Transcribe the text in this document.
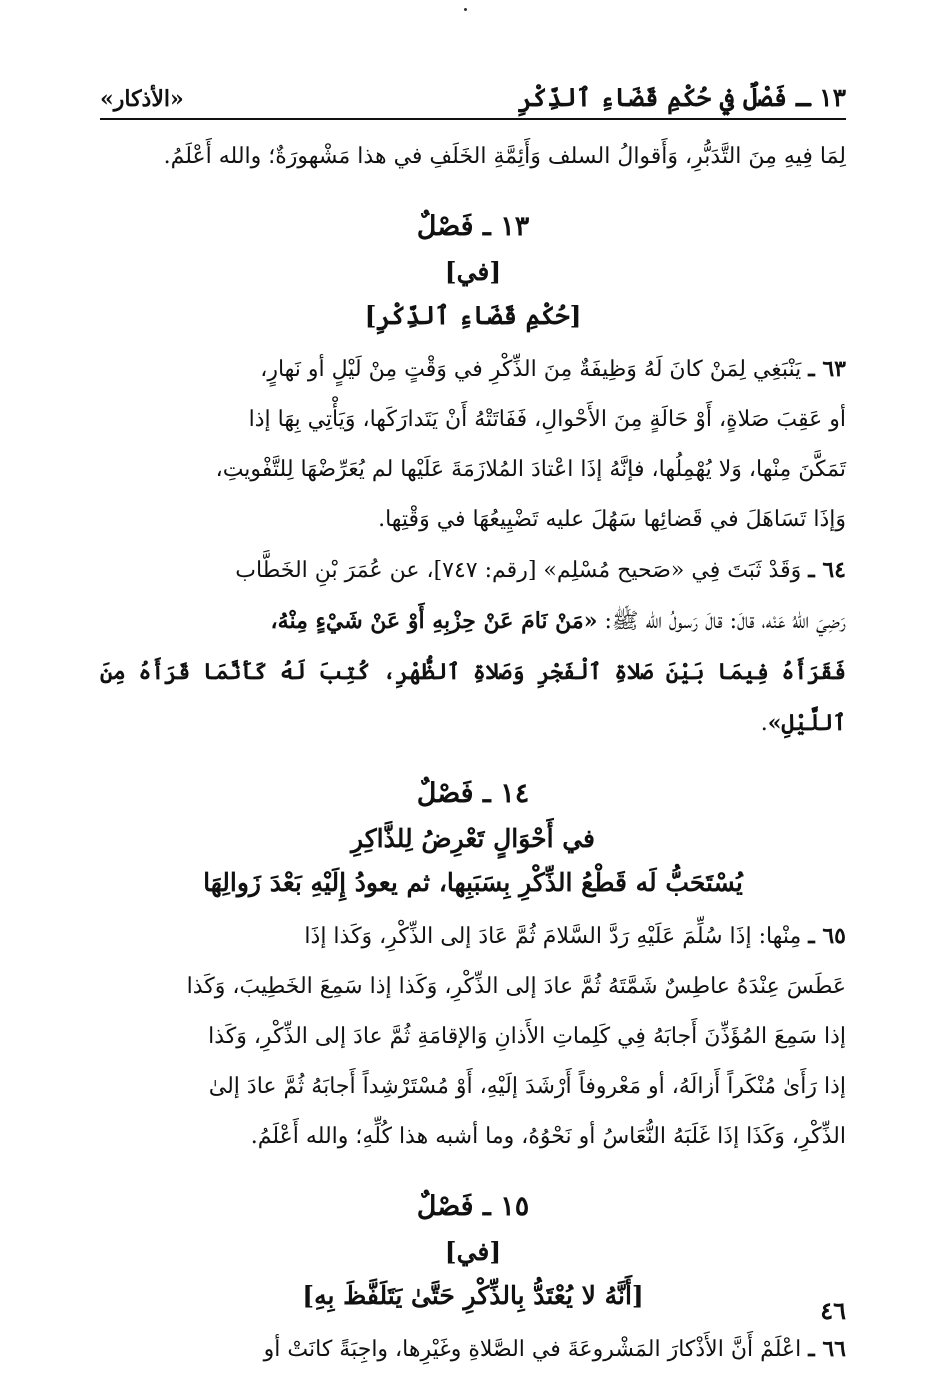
١٣ ـ فَصْلٌ في حُكْمِ قَضَاءِ ٱلذِّكْرِ
«الأذكار»

لِمَا فِيهِ مِنَ التَّدَبُّرِ، وَأَقوالُ السلف وَأَئِمَّةِ الخَلَفِ في هذا مَشْهورَةٌ؛ والله أَعْلَمُ.

١٣ ـ فَصْلٌ

[في]

[حُكْمِ قَضَاءِ ٱلذِّكْرِ]

٦٣ ـ يَنْبَغِي لِمَنْ كانَ لَهُ وَظِيفَةٌ مِنَ الذِّكْرِ في وَقْتٍ مِنْ لَيْلٍ أو نَهارٍ،

أو عَقِبَ صَلاةٍ، أَوْ حَالَةٍ مِنَ الأَحْوالِ، فَفَاتَتْهُ أَنْ يَتَدارَكَها، وَيَأْتِي بِهَا إذا

تَمَكَّنَ مِنْها، وَلا يُهْمِلُها، فإنَّهُ إذَا اعْتادَ المُلازَمَةَ عَلَيْها لم يُعَرِّضْهَا لِلتَّفْويتِ،

وَإذَا تَسَاهَلَ في قَضائِها سَهُلَ عليه تَضْيِيعُهَا في وَقْتِها.

٦٤ ـ وَقَدْ ثَبَتَ فِي «صَحيح مُسْلِم» [رقم: ٧٤٧]، عن عُمَرَ بْنِ الخَطَّاب

رَضِيَ اللهُ عَنْه، قالَ: قالَ رَسولُ الله ﷺ: «مَنْ نَامَ عَنْ حِزْبِهِ أَوْ عَنْ شَيْءٍ مِنْهُ،

فَقَرَأَهُ فِيمَا بَيْنَ صَلاةِ ٱلْفَجْرِ وَصَلاةِ ٱلظُّهْرِ، كُتِبَ لَهُ كَأَنَّمَا قَرَأَهُ مِنَ ٱللَّيْلِ».

١٤ ـ فَصْلٌ

في أَحْوَالٍ تَعْرِضُ لِلذَّاكِرِ

يُسْتَحَبُّ لَه قَطْعُ الذِّكْرِ بِسَبَبِها، ثم يعودُ إِلَيْهِ بَعْدَ زَوالِهَا

٦٥ ـ مِنْها: إذَا سُلِّمَ عَلَيْهِ رَدَّ السَّلامَ ثُمَّ عَادَ إلى الذِّكْرِ، وَكَذا إذَا

عَطَسَ عِنْدَهُ عاطِسٌ شَمَّتَهُ ثُمَّ عادَ إلى الذِّكْرِ، وَكَذا إذا سَمِعَ الخَطِيبَ، وَكَذا

إذا سَمِعَ المُؤَذِّنَ أَجابَهُ فِي كَلِماتِ الأَذانِ وَالإقامَةِ ثُمَّ عادَ إلى الذِّكْرِ، وَكَذا

إذا رَأَىٰ مُنْكَراً أَزالَهُ، أو مَعْروفاً أَرْشَدَ إلَيْهِ، أَوْ مُسْتَرْشِداً أَجابَهُ ثُمَّ عادَ إلىٰ

الذِّكْرِ، وَكَذَا إذَا غَلَبَهُ النُّعَاسُ أو نَحْوُهُ، وما أشبه هذا كُلِّهِ؛ والله أَعْلَمُ.

١٥ ـ فَصْلٌ

[في]

[أَنَّهُ لا يُعْتَدُّ بِالذِّكْرِ حَتَّىٰ يَتَلَفَّظَ بِهِ]

٦٦ ـ اعْلَمْ أَنَّ الأَذْكارَ المَشْروعَةَ في الصَّلاةِ وغَيْرِها، واجِبَةً كانَتْ أو

٤٦
